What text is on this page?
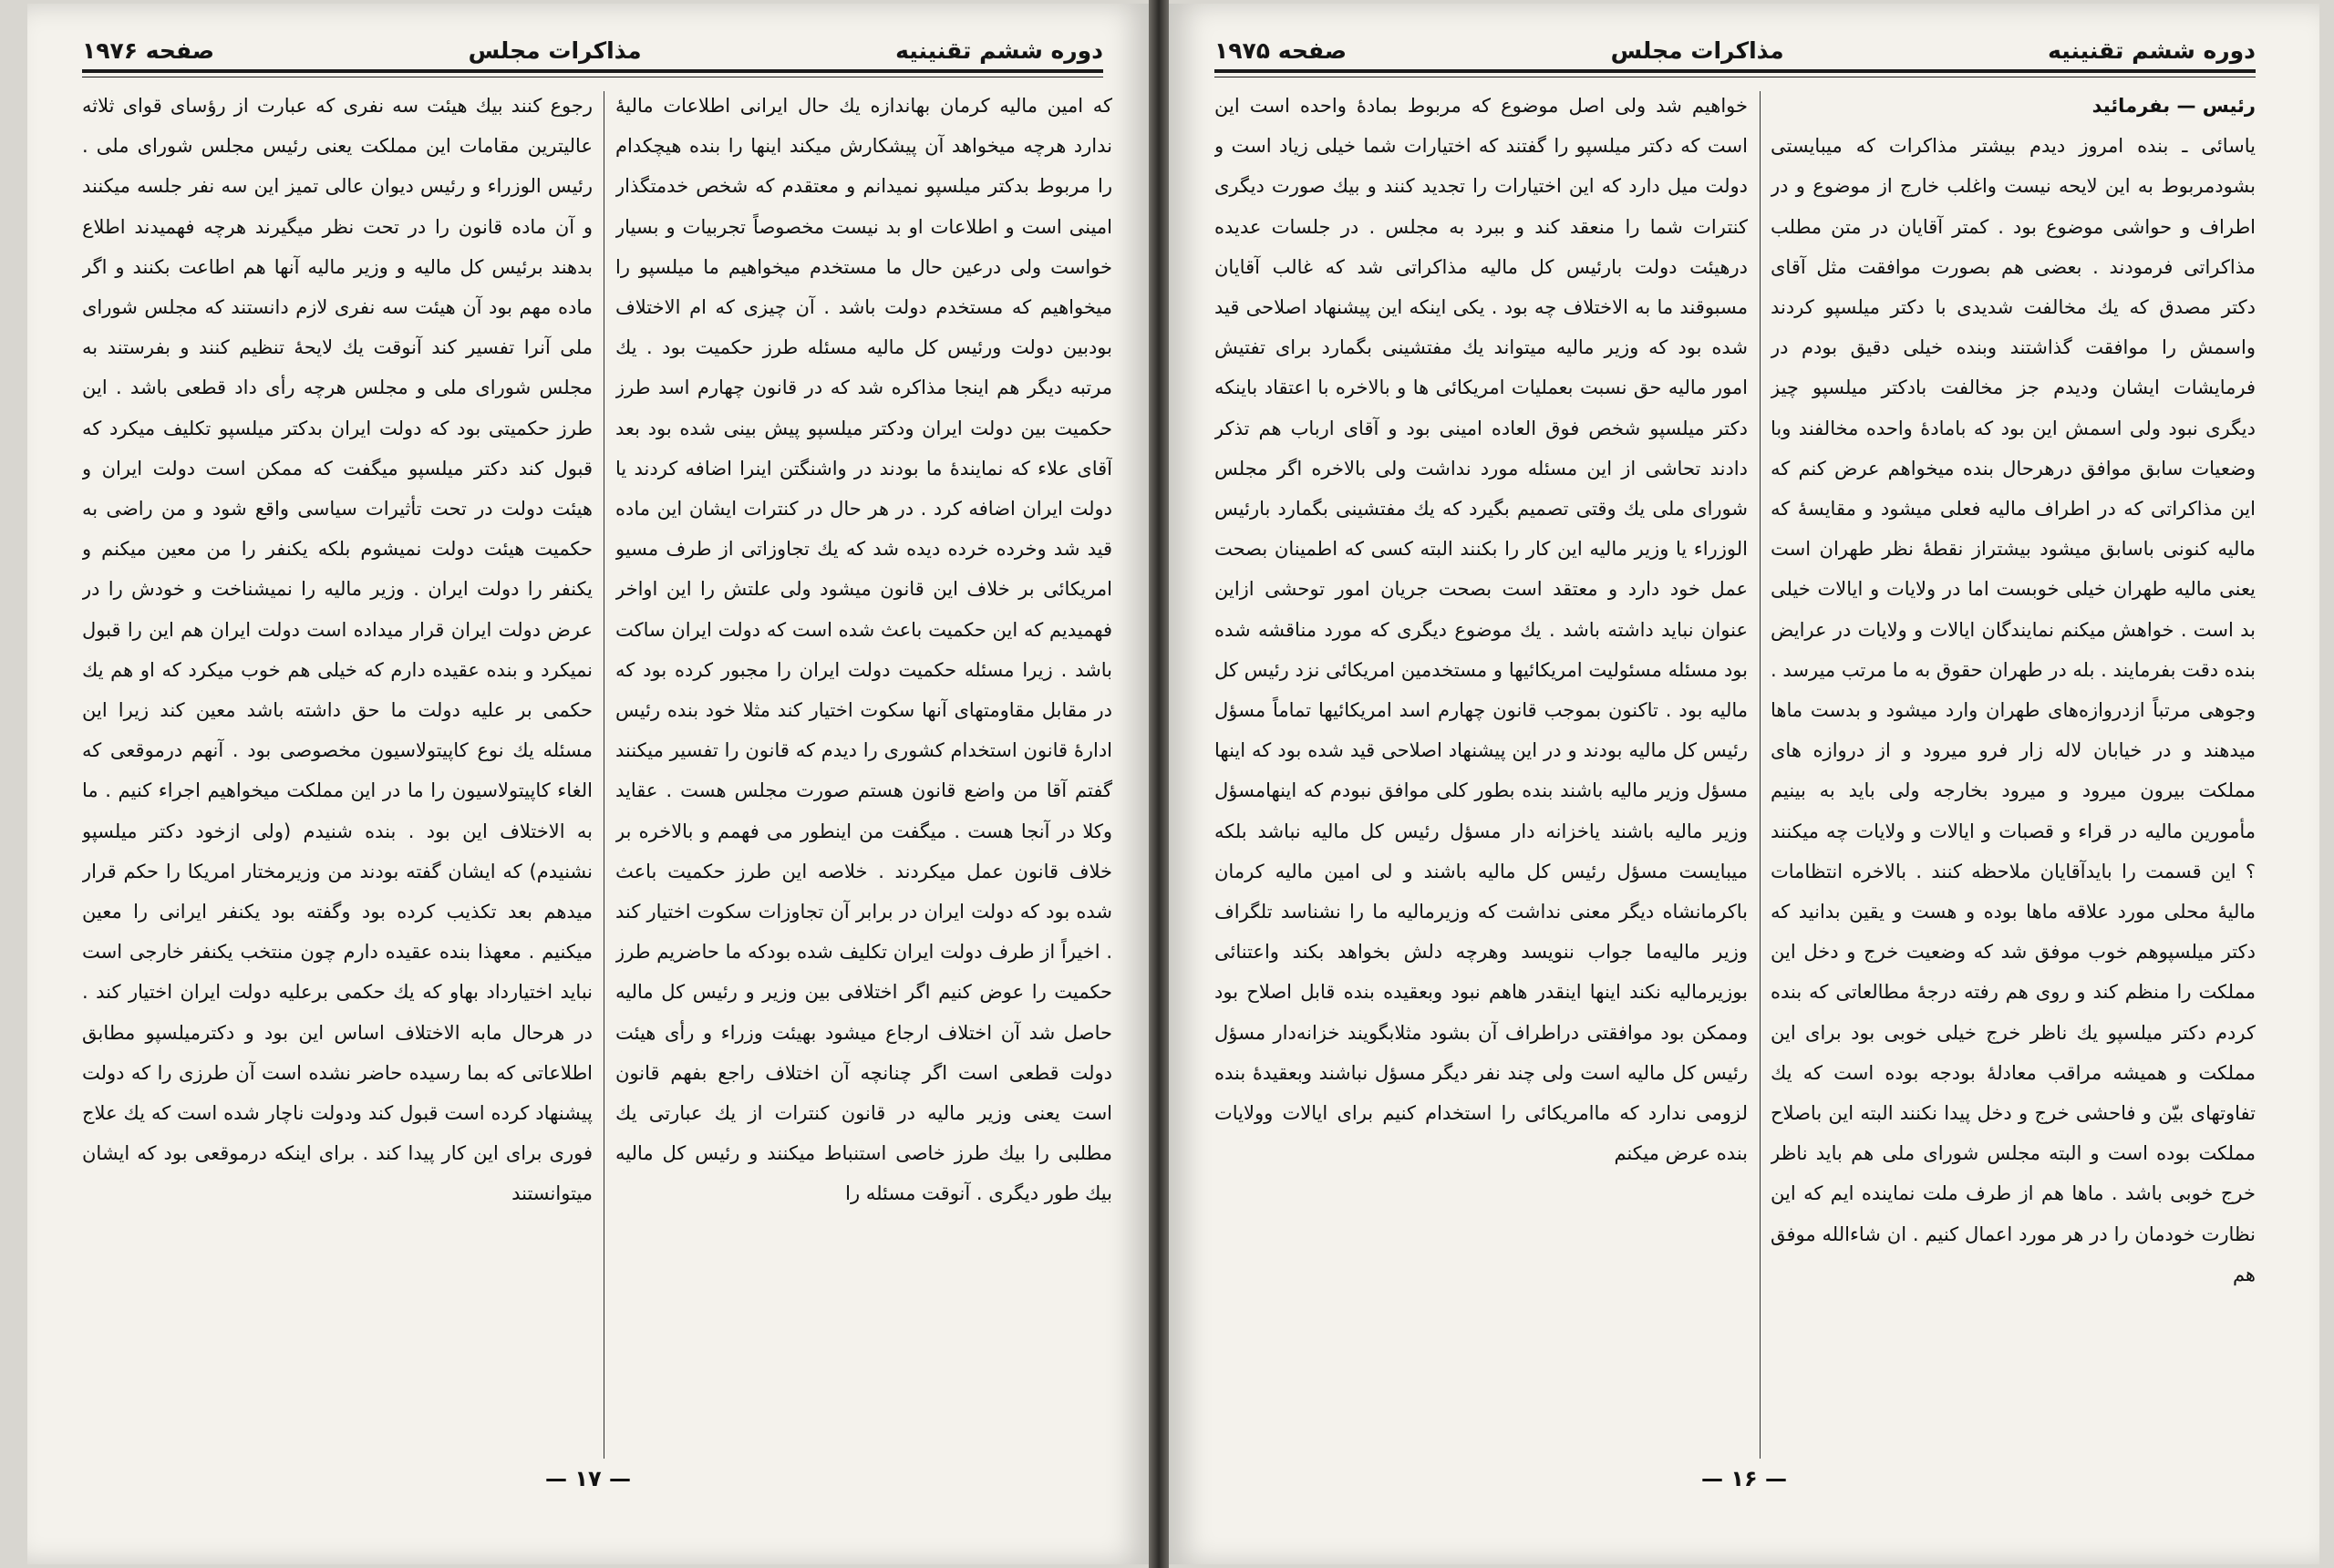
دوره ششم تقنینیه
مذاکرات مجلس
صفحه ۱۹۷۶

که امین مالیه کرمان بهاندازه یك حال ایرانی اطلاعات مالیهٔ ندارد هرچه میخواهد آن پیشکارش میکند اینها را بنده هیچکدام را مربوط بدکتر میلسپو نمیدانم و معتقدم که شخص خدمتگذار امینی است و اطلاعات او بد نیست مخصوصاً تجربیات و بسیار خواست ولی درعین حال ما مستخدم میخواهیم ما میلسپو را میخواهیم که مستخدم دولت باشد . آن چیزی که ام الاختلاف بودبین دولت ورئیس کل مالیه مسئله طرز حکمیت بود . یك مرتبه دیگر هم اینجا مذاکره شد که در قانون چهارم اسد طرز حکمیت بین دولت ایران ودکتر میلسپو پیش بینی شده بود بعد آقای علاء که نمایندهٔ ما بودند در واشنگتن اینرا اضافه کردند یا دولت ایران اضافه کرد . در هر حال در کنترات ایشان این ماده قید شد وخرده خرده دیده شد که یك تجاوزاتی از طرف مسیو امریکائی بر خلاف این قانون میشود ولی علتش را این اواخر فهمیدیم که این حکمیت باعث شده است که دولت ایران ساکت باشد . زیرا مسئله حکمیت دولت ایران را مجبور کرده بود که در مقابل مقاومتهای آنها سکوت اختیار کند مثلا خود بنده رئیس ادارهٔ قانون استخدام کشوری را دیدم که قانون را تفسیر میکنند گفتم آقا من واضع قانون هستم صورت مجلس هست . عقاید وکلا در آنجا هست . میگفت من اینطور می فهمم و بالاخره بر خلاف قانون عمل میکردند . خلاصه این طرز حکمیت باعث شده بود که دولت ایران در برابر آن تجاوزات سکوت اختیار کند . اخیراً از طرف دولت ایران تکلیف شده بودکه ما حاضریم طرز حکمیت را عوض کنیم اگر اختلافی بین وزیر و رئیس کل مالیه حاصل شد آن اختلاف ارجاع میشود بهیئت وزراء و رأی هیئت دولت قطعی است اگر چنانچه آن اختلاف راجع بفهم قانون است یعنی وزیر مالیه در قانون کنترات از یك عبارتی یك مطلبی را بیك طرز خاصی استنباط میکنند و رئیس کل مالیه بیك طور دیگری . آنوقت مسئله را

رجوع کنند بیك هیئت سه نفری که عبارت از رؤسای قوای ثلاثه عالیترین مقامات این مملکت یعنی رئیس مجلس شورای ملی . رئیس الوزراء و رئیس دیوان عالی تمیز این سه نفر جلسه میکنند و آن ماده قانون را در تحت نظر میگیرند هرچه فهمیدند اطلاع بدهند برئیس کل مالیه و وزیر مالیه آنها هم اطاعت بکنند و اگر ماده مهم بود آن هیئت سه نفری لازم دانستند که مجلس شورای ملی آنرا تفسیر کند آنوقت یك لایحهٔ تنظیم کنند و بفرستند به مجلس شورای ملی و مجلس هرچه رأی داد قطعی باشد . این طرز حکمیتی بود که دولت ایران بدکتر میلسپو تکلیف میکرد که قبول کند دکتر میلسپو میگفت که ممکن است دولت ایران و هیئت دولت در تحت تأثیرات سیاسی واقع شود و من راضی به حکمیت هیئت دولت نمیشوم بلکه یکنفر را من معین میکنم و یکنفر را دولت ایران . وزیر مالیه را نمیشناخت و خودش را در عرض دولت ایران قرار میداده است دولت ایران هم این را قبول نمیکرد و بنده عقیده دارم که خیلی هم خوب میکرد که او هم یك حکمی بر علیه دولت ما حق داشته باشد معین کند زیرا این مسئله یك نوع کاپیتولاسیون مخصوصی بود . آنهم درموقعی که الغاء کاپیتولاسیون را ما در این مملکت میخواهیم اجراء کنیم . ما به الاختلاف این بود . بنده شنیدم (ولی ازخود دکتر میلسپو نشنیدم) که ایشان گفته بودند من وزیرمختار امریکا را حکم قرار میدهم بعد تکذیب کرده بود وگفته بود یکنفر ایرانی را معین میکنیم . معهذا بنده عقیده دارم چون منتخب یکنفر خارجی است نباید اختیارداد بهاو که یك حکمی برعلیه دولت ایران اختیار کند . در هرحال مابه الاختلاف اساس این بود و دکترمیلسپو مطابق اطلاعاتی که بما رسیده حاضر نشده است آن طرزی را که دولت پیشنهاد کرده است قبول کند ودولت ناچار شده است که یك علاج فوری برای این کار پیدا کند . برای اینکه درموقعی بود که ایشان میتوانستند

— ۱۷ —
دوره ششم تقنینیه
مذاکرات مجلس
صفحه ۱۹۷۵
رئیس — بفرمائید
یاسائی ـ بنده امروز دیدم بیشتر مذاکرات که میبایستی بشودمربوط به این لایحه نیست واغلب خارج از موضوع و در اطراف و حواشی موضوع بود . کمتر آقایان در متن مطلب مذاکراتی فرمودند . بعضی هم بصورت موافقت مثل آقای دکتر مصدق که یك مخالفت شدیدی با دکتر میلسپو کردند واسمش را موافقت گذاشتند وبنده خیلی دقیق بودم در فرمایشات ایشان ودیدم جز مخالفت بادکتر میلسپو چیز دیگری نبود ولی اسمش این بود که بامادهٔ واحده مخالفند وبا وضعیات سابق موافق درهرحال بنده میخواهم عرض کنم که این مذاکراتی که در اطراف مالیه فعلی میشود و مقایسهٔ که مالیه کنونی باسابق میشود بیشتراز نقطهٔ نظر طهران است یعنی مالیه طهران خیلی خوبست اما در ولایات و ایالات خیلی بد است . خواهش میکنم نمایندگان ایالات و ولایات در عرایض بنده دقت بفرمایند . بله در طهران حقوق به ما مرتب میرسد . وجوهی مرتباً ازدروازه‌های طهران وارد میشود و بدست ماها میدهند و در خیابان لاله زار فرو میرود و از دروازه های مملکت بیرون میرود و میرود بخارجه ولی باید به بینیم مأمورین مالیه در قراء و قصبات و ایالات و ولایات چه میکنند ؟ این قسمت را بایدآقایان ملاحظه کنند . بالاخره انتظامات مالیهٔ محلی مورد علاقه ماها بوده و هست و یقین بدانید که دکتر میلسپوهم خوب موفق شد که وضعیت خرج و دخل این مملکت را منظم کند و روی هم رفته درجهٔ مطالعاتی که بنده کردم دکتر میلسپو یك ناظر خرج خیلی خوبی بود برای این مملکت و همیشه مراقب معادلهٔ بودجه بوده است که یك تفاوتهای بیّن و فاحشی خرج و دخل پیدا نکنند البته این باصلاح مملکت بوده است و البته مجلس شورای ملی هم باید ناظر خرج خوبی باشد . ماها هم از طرف ملت نماینده ایم که این نظارت خودمان را در هر مورد اعمال کنیم . ان شاءالله موفق هم
خواهیم شد ولی اصل موضوع که مربوط بمادهٔ واحده است این است که دکتر میلسپو را گفتند که اختیارات شما خیلی زیاد است و دولت میل دارد که این اختیارات را تجدید کنند و بیك صورت دیگری کنترات شما را منعقد کند و ببرد به مجلس . در جلسات عدیده درهیئت دولت بارئیس کل مالیه مذاکراتی شد که غالب آقایان مسبوقند ما به الاختلاف چه بود . یکی اینکه این پیشنهاد اصلاحی قید شده بود که وزیر مالیه میتواند یك مفتشینی بگمارد برای تفتیش امور مالیه حق نسبت بعملیات امریکائی ها و بالاخره با اعتقاد باینکه دکتر میلسپو شخص فوق العاده امینی بود و آقای ارباب هم تذکر دادند تحاشی از این مسئله مورد نداشت ولی بالاخره اگر مجلس شورای ملی یك وقتی تصمیم بگیرد که یك مفتشینی بگمارد بارئیس الوزراء یا وزیر مالیه این کار را بکنند البته کسی که اطمینان بصحت عمل خود دارد و معتقد است بصحت جریان امور توحشی ازاین عنوان نباید داشته باشد . یك موضوع دیگری که مورد مناقشه شده بود مسئله مسئولیت امریکائیها و مستخدمین امریکائی نزد رئیس کل مالیه بود . تاکنون بموجب قانون چهارم اسد امریکائیها تماماً مسؤل رئیس کل مالیه بودند و در این پیشنهاد اصلاحی قید شده بود که اینها مسؤل وزیر مالیه باشند بنده بطور کلی موافق نبودم که اینهامسؤل وزیر مالیه باشند یاخزانه دار مسؤل رئیس کل مالیه نباشد بلکه میبایست مسؤل رئیس کل مالیه باشند و لی امین مالیه کرمان باکرمانشاه دیگر معنی نداشت که وزیرمالیه ما را نشناسد تلگراف وزیر مالیه‌ما جواب ننویسد وهرچه دلش بخواهد بکند واعتنائی بوزیرمالیه نکند اینها اینقدر هاهم نبود وبعقیده بنده قابل اصلاح بود وممکن بود موافقتی دراطراف آن بشود مثلابگویند خزانه‌دار مسؤل رئیس کل مالیه است ولی چند نفر دیگر مسؤل نباشند وبعقیدهٔ بنده لزومی ندارد که ماامریکائی را استخدام کنیم برای ایالات وولایات بنده عرض میکنم
— ۱۶ —
